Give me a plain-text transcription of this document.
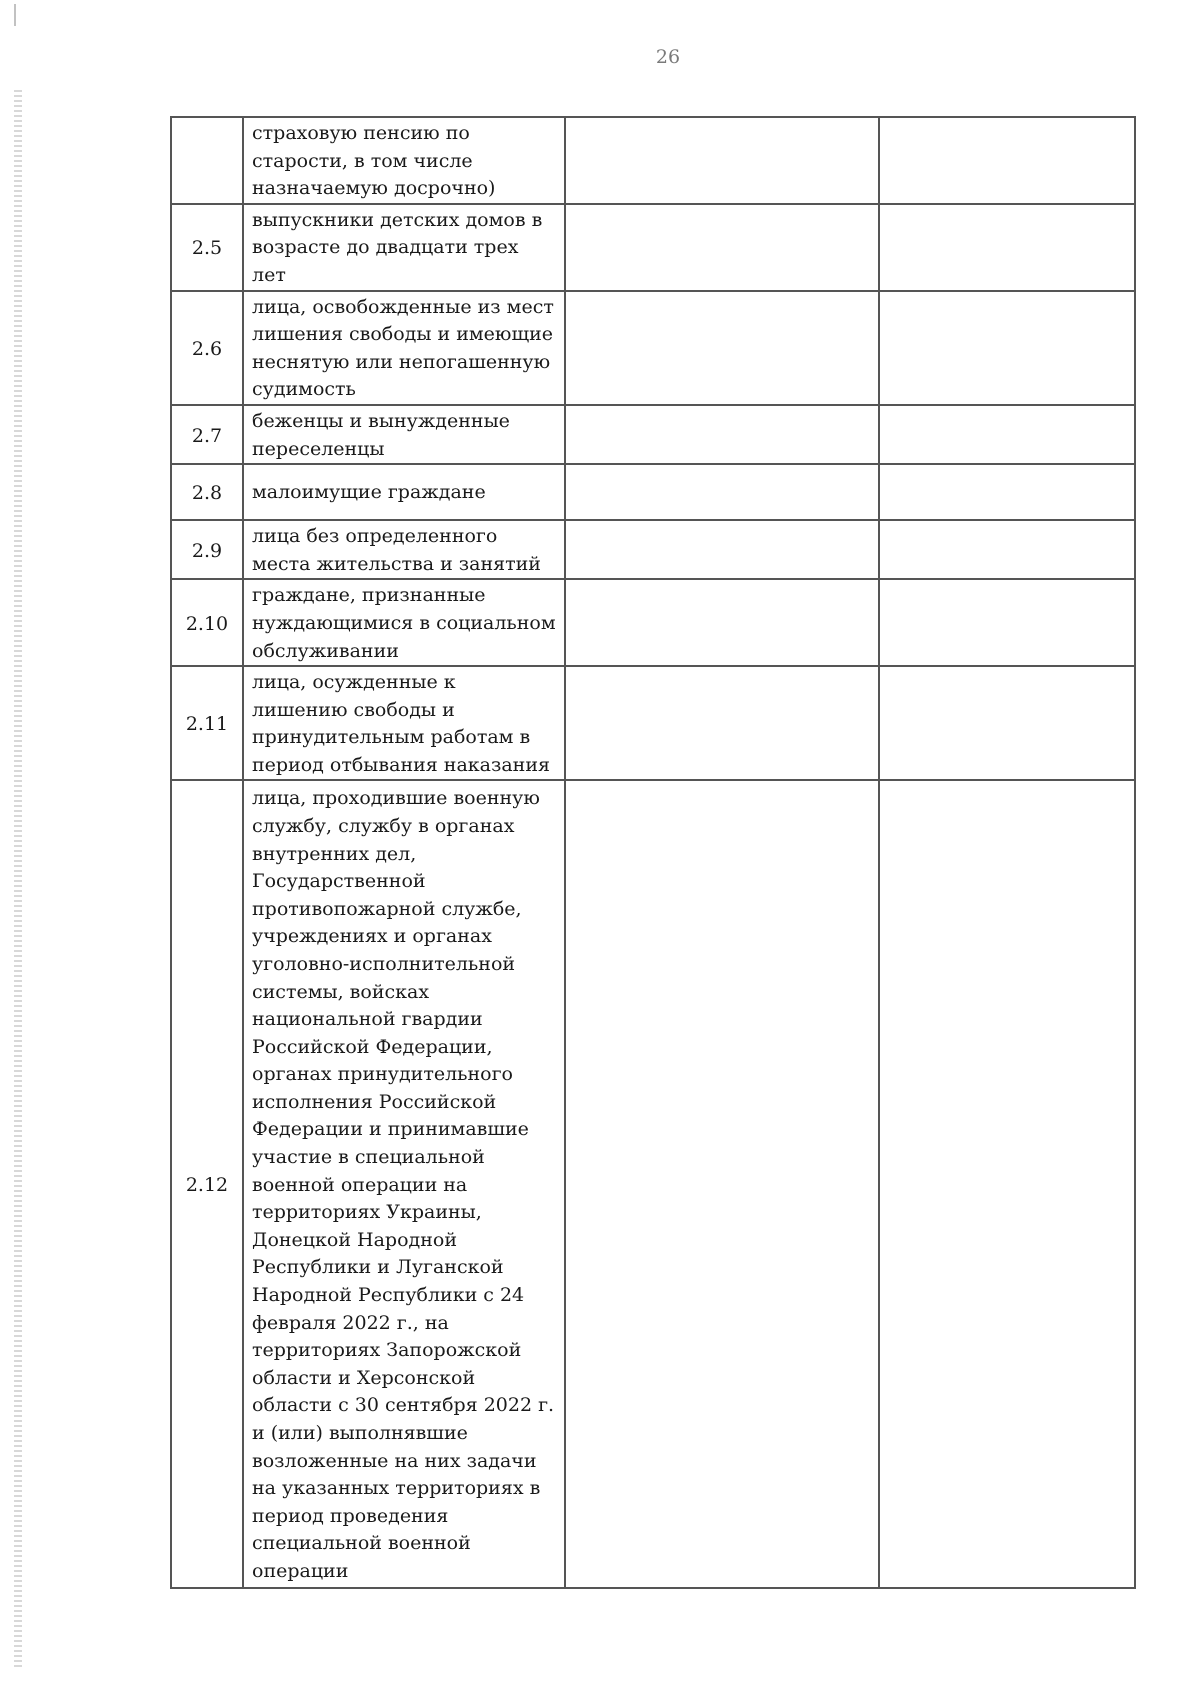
26
	страховую пенсию по старости, в том числе назначаемую досрочно)		
2.5	выпускники детских домов в возрасте до двадцати трех лет		
2.6	лица, освобожденные из мест лишения свободы и имеющие неснятую или непогашенную судимость		
2.7	беженцы и вынужденные переселенцы		
2.8	малоимущие граждане		
2.9	лица без определенного места жительства и занятий		
2.10	граждане, признанные нуждающимися в социальном обслуживании		
2.11	лица, осужденные к лишению свободы и принудительным работам в период отбывания наказания		
2.12	лица, проходившие военную службу, службу в органах внутренних дел, Государственной противопожарной службе, учреждениях и органах уголовно-исполнительной системы, войсках национальной гвардии Российской Федерации, органах принудительного исполнения Российской Федерации и принимавшие участие в специальной военной операции на территориях Украины, Донецкой Народной Республики и Луганской Народной Республики с 24 февраля 2022 г., на территориях Запорожской области и Херсонской области с 30 сентября 2022 г. и (или) выполнявшие возложенные на них задачи на указанных территориях в период проведения специальной военной операции		
